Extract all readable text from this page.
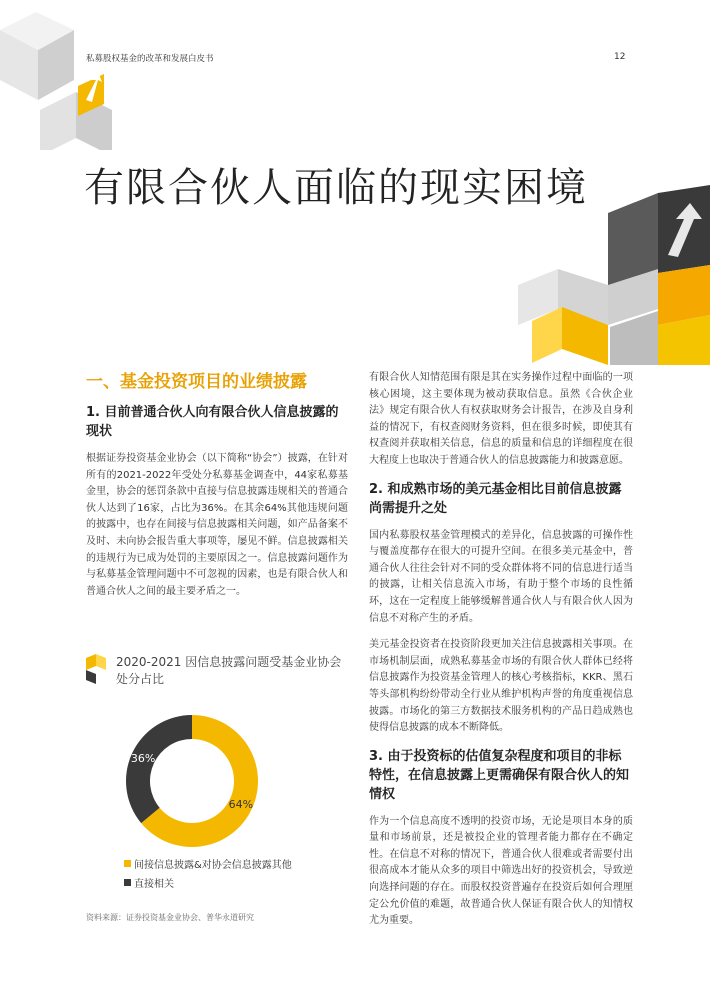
私募股权基金的改革和发展白皮书	12
有限合伙人面临的现实困境
一、基金投资项目的业绩披露
1. 目前普通合伙人向有限合伙人信息披露的现状
根据证券投资基金业协会（以下简称“协会”）披露，在针对所有的2021-2022年受处分私募基金调查中，44家私募基金里，协会的惩罚条款中直接与信息披露违规相关的普通合伙人达到了16家，占比为36%。在其余64%其他违规问题的披露中，也存在间接与信息披露相关问题，如产品备案不及时、未向协会报告重大事项等，屡见不鲜。信息披露相关的违规行为已成为处罚的主要原因之一。信息披露问题作为与私募基金管理问题中不可忽视的因素，也是有限合伙人和普通合伙人之间的最主要矛盾之一。
2020-2021 因信息披露问题受基金业协会处分占比
64%
36%
间接信息披露&对协会信息披露其他
直接相关
资料来源：证券投资基金业协会、普华永道研究
有限合伙人知情范围有限是其在实务操作过程中面临的一项核心困境，这主要体现为被动获取信息。虽然《合伙企业法》规定有限合伙人有权获取财务会计报告，在涉及自身利益的情况下，有权查阅财务资料，但在很多时候，即使其有权查阅并获取相关信息，信息的质量和信息的详细程度在很大程度上也取决于普通合伙人的信息披露能力和披露意愿。
2. 和成熟市场的美元基金相比目前信息披露尚需提升之处
国内私募股权基金管理模式的差异化，信息披露的可操作性与覆盖度都存在很大的可提升空间。在很多美元基金中，普通合伙人往往会针对不同的受众群体将不同的信息进行适当的披露，让相关信息流入市场，有助于整个市场的良性循环，这在一定程度上能够缓解普通合伙人与有限合伙人因为信息不对称产生的矛盾。
美元基金投资者在投资阶段更加关注信息披露相关事项。在市场机制层面，成熟私募基金市场的有限合伙人群体已经将信息披露作为投资基金管理人的核心考核指标，KKR、黑石等头部机构纷纷带动全行业从维护机构声誉的角度重视信息披露。市场化的第三方数据技术服务机构的产品日趋成熟也使得信息披露的成本不断降低。
3. 由于投资标的估值复杂程度和项目的非标特性，在信息披露上更需确保有限合伙人的知情权
作为一个信息高度不透明的投资市场，无论是项目本身的质量和市场前景，还是被投企业的管理者能力都存在不确定性。在信息不对称的情况下，普通合伙人很难或者需要付出很高成本才能从众多的项目中筛选出好的投资机会，导致逆向选择问题的存在。而股权投资普遍存在投资后如何合理厘定公允价值的难题，故普通合伙人保证有限合伙人的知情权尤为重要。
